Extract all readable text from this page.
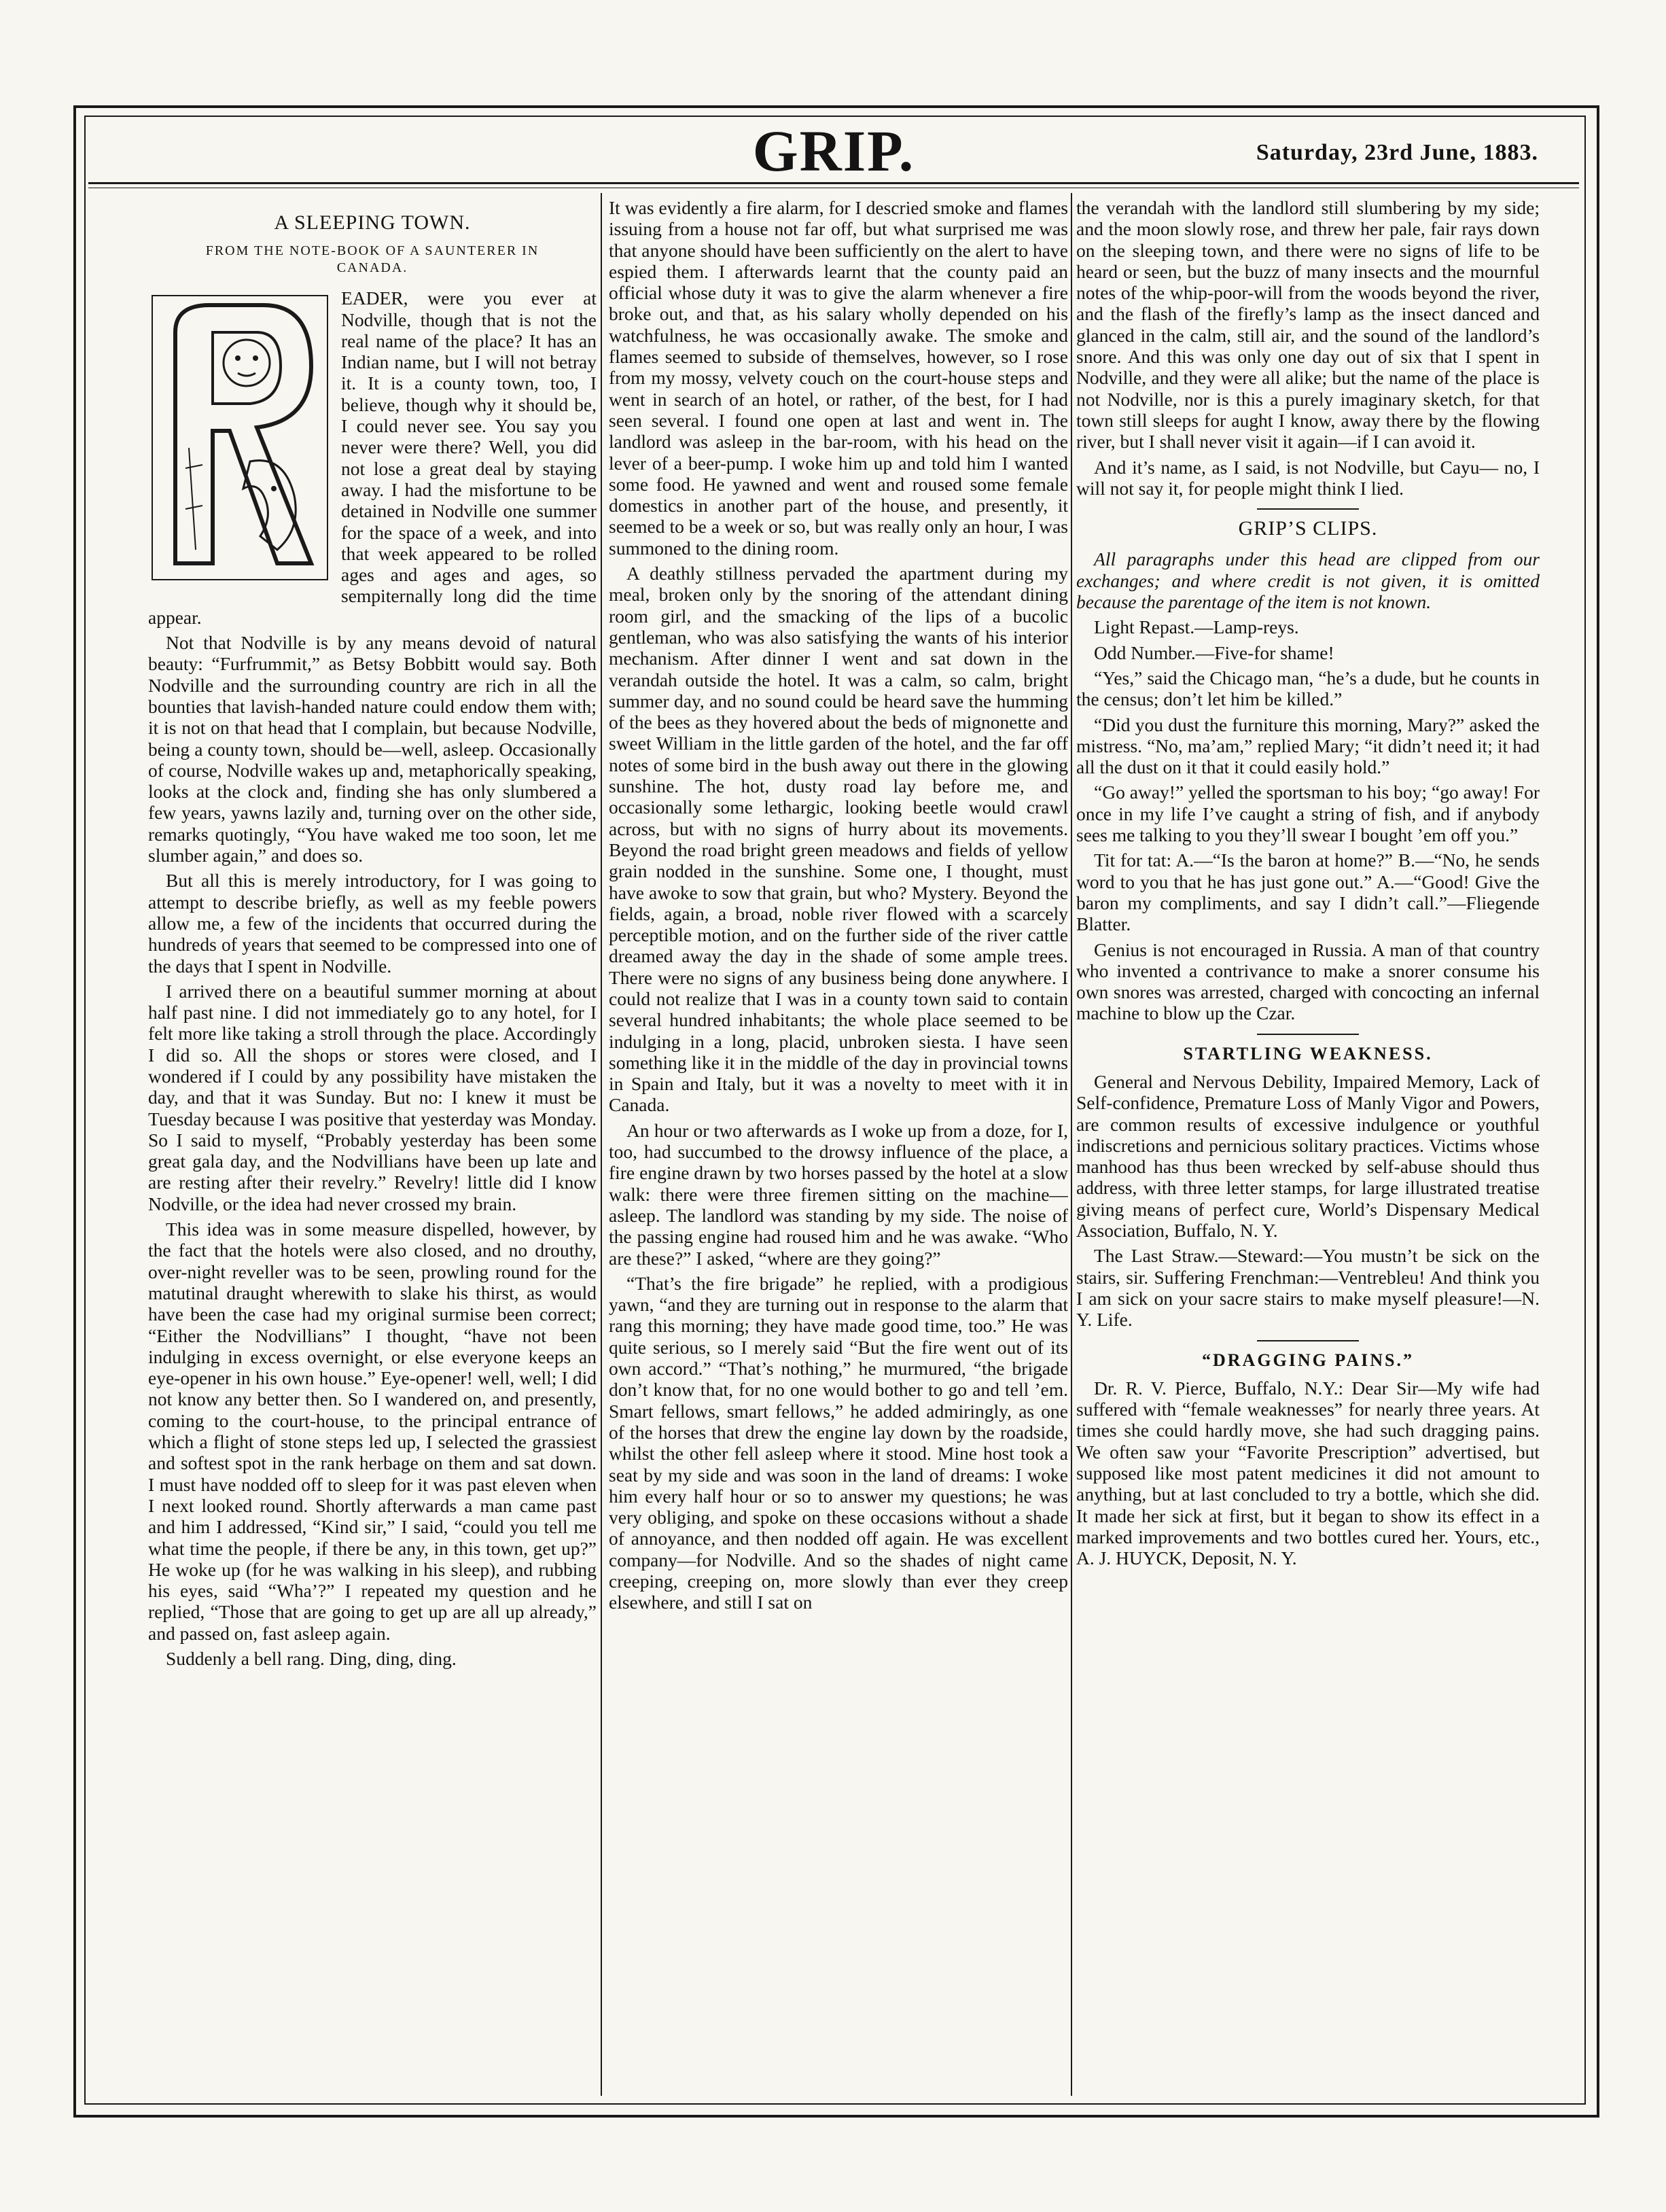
GRIP.	Saturday, 23rd June, 1883.
A SLEEPING TOWN.
FROM THE NOTE-BOOK OF A SAUNTERER IN CANADA.

EADER, were you ever at Nodville, though that is not the real name of the place? It has an Indian name, but I will not betray it. It is a county town, too, I believe, though why it should be, I could never see. You say you never were there? Well, you did not lose a great deal by staying away. I had the misfortune to be detained in Nodville one summer for the space of a week, and into that week appeared to be rolled ages and ages and ages, so sempiternally long did the time appear.

Not that Nodville is by any means devoid of natural beauty: “Furfrummit,” as Betsy Bobbitt would say. Both Nodville and the surrounding country are rich in all the bounties that lavish-handed nature could endow them with; it is not on that head that I complain, but because Nodville, being a county town, should be—well, asleep. Occasionally of course, Nodville wakes up and, metaphorically speaking, looks at the clock and, finding she has only slumbered a few years, yawns lazily and, turning over on the other side, remarks quotingly, “You have waked me too soon, let me slumber again,” and does so.

But all this is merely introductory, for I was going to attempt to describe briefly, as well as my feeble powers allow me, a few of the incidents that occurred during the hundreds of years that seemed to be compressed into one of the days that I spent in Nodville.

I arrived there on a beautiful summer morning at about half past nine. I did not immediately go to any hotel, for I felt more like taking a stroll through the place. Accordingly I did so. All the shops or stores were closed, and I wondered if I could by any possibility have mistaken the day, and that it was Sunday. But no: I knew it must be Tuesday because I was positive that yesterday was Monday. So I said to myself, “Probably yesterday has been some great gala day, and the Nodvillians have been up late and are resting after their revelry.” Revelry! little did I know Nodville, or the idea had never crossed my brain.

This idea was in some measure dispelled, however, by the fact that the hotels were also closed, and no drouthy, over-night reveller was to be seen, prowling round for the matutinal draught wherewith to slake his thirst, as would have been the case had my original surmise been correct; “Either the Nodvillians” I thought, “have not been indulging in excess overnight, or else everyone keeps an eye-opener in his own house.” Eye-opener! well, well; I did not know any better then. So I wandered on, and presently, coming to the court-house, to the principal entrance of which a flight of stone steps led up, I selected the grassiest and softest spot in the rank herbage on them and sat down. I must have nodded off to sleep for it was past eleven when I next looked round. Shortly afterwards a man came past and him I addressed, “Kind sir,” I said, “could you tell me what time the people, if there be any, in this town, get up?” He woke up (for he was walking in his sleep), and rubbing his eyes, said “Wha’?” I repeated my question and he replied, “Those that are going to get up are all up already,” and passed on, fast asleep again.

Suddenly a bell rang. Ding, ding, ding.

It was evidently a fire alarm, for I descried smoke and flames issuing from a house not far off, but what surprised me was that anyone should have been sufficiently on the alert to have espied them. I afterwards learnt that the county paid an official whose duty it was to give the alarm whenever a fire broke out, and that, as his salary wholly depended on his watchfulness, he was occasionally awake. The smoke and flames seemed to subside of themselves, however, so I rose from my mossy, velvety couch on the court-house steps and went in search of an hotel, or rather, of the best, for I had seen several. I found one open at last and went in. The landlord was asleep in the bar-room, with his head on the lever of a beer-pump. I woke him up and told him I wanted some food. He yawned and went and roused some female domestics in another part of the house, and presently, it seemed to be a week or so, but was really only an hour, I was summoned to the dining room.

A deathly stillness pervaded the apartment during my meal, broken only by the snoring of the attendant dining room girl, and the smacking of the lips of a bucolic gentleman, who was also satisfying the wants of his interior mechanism. After dinner I went and sat down in the verandah outside the hotel. It was a calm, so calm, bright summer day, and no sound could be heard save the humming of the bees as they hovered about the beds of mignonette and sweet William in the little garden of the hotel, and the far off notes of some bird in the bush away out there in the glowing sunshine. The hot, dusty road lay before me, and occasionally some lethargic, looking beetle would crawl across, but with no signs of hurry about its movements. Beyond the road bright green meadows and fields of yellow grain nodded in the sunshine. Some one, I thought, must have awoke to sow that grain, but who? Mystery. Beyond the fields, again, a broad, noble river flowed with a scarcely perceptible motion, and on the further side of the river cattle dreamed away the day in the shade of some ample trees. There were no signs of any business being done anywhere. I could not realize that I was in a county town said to contain several hundred inhabitants; the whole place seemed to be indulging in a long, placid, unbroken siesta. I have seen something like it in the middle of the day in provincial towns in Spain and Italy, but it was a novelty to meet with it in Canada.

An hour or two afterwards as I woke up from a doze, for I, too, had succumbed to the drowsy influence of the place, a fire engine drawn by two horses passed by the hotel at a slow walk: there were three firemen sitting on the machine—asleep. The landlord was standing by my side. The noise of the passing engine had roused him and he was awake. “Who are these?” I asked, “where are they going?”

“That’s the fire brigade” he replied, with a prodigious yawn, “and they are turning out in response to the alarm that rang this morning; they have made good time, too.” He was quite serious, so I merely said “But the fire went out of its own accord.” “That’s nothing,” he murmured, “the brigade don’t know that, for no one would bother to go and tell ’em. Smart fellows, smart fellows,” he added admiringly, as one of the horses that drew the engine lay down by the roadside, whilst the other fell asleep where it stood. Mine host took a seat by my side and was soon in the land of dreams: I woke him every half hour or so to answer my questions; he was very obliging, and spoke on these occasions without a shade of annoyance, and then nodded off again. He was excellent company—for Nodville. And so the shades of night came creeping, creeping on, more slowly than ever they creep elsewhere, and still I sat on

the verandah with the landlord still slumbering by my side; and the moon slowly rose, and threw her pale, fair rays down on the sleeping town, and there were no signs of life to be heard or seen, but the buzz of many insects and the mournful notes of the whip-poor-will from the woods beyond the river, and the flash of the firefly’s lamp as the insect danced and glanced in the calm, still air, and the sound of the landlord’s snore. And this was only one day out of six that I spent in Nodville, and they were all alike; but the name of the place is not Nodville, nor is this a purely imaginary sketch, for that town still sleeps for aught I know, away there by the flowing river, but I shall never visit it again—if I can avoid it.

And it’s name, as I said, is not Nodville, but Cayu— no, I will not say it, for people might think I lied.

GRIP’S CLIPS.

All paragraphs under this head are clipped from our exchanges; and where credit is not given, it is omitted because the parentage of the item is not known.

Light Repast.—Lamp-reys.

Odd Number.—Five-for shame!

“Yes,” said the Chicago man, “he’s a dude, but he counts in the census; don’t let him be killed.”

“Did you dust the furniture this morning, Mary?” asked the mistress. “No, ma’am,” replied Mary; “it didn’t need it; it had all the dust on it that it could easily hold.”

“Go away!” yelled the sportsman to his boy; “go away! For once in my life I’ve caught a string of fish, and if anybody sees me talking to you they’ll swear I bought ’em off you.”

Tit for tat: A.—“Is the baron at home?” B.—“No, he sends word to you that he has just gone out.” A.—“Good! Give the baron my compliments, and say I didn’t call.”—Fliegende Blatter.

Genius is not encouraged in Russia. A man of that country who invented a contrivance to make a snorer consume his own snores was arrested, charged with concocting an infernal machine to blow up the Czar.

STARTLING WEAKNESS.

General and Nervous Debility, Impaired Memory, Lack of Self-confidence, Premature Loss of Manly Vigor and Powers, are common results of excessive indulgence or youthful indiscretions and pernicious solitary practices. Victims whose manhood has thus been wrecked by self-abuse should thus address, with three letter stamps, for large illustrated treatise giving means of perfect cure, World’s Dispensary Medical Association, Buffalo, N. Y.

The Last Straw.—Steward:—You mustn’t be sick on the stairs, sir. Suffering Frenchman:—Ventrebleu! And think you I am sick on your sacre stairs to make myself pleasure!—N. Y. Life.

“DRAGGING PAINS.”

Dr. R. V. Pierce, Buffalo, N.Y.: Dear Sir—My wife had suffered with “female weaknesses” for nearly three years. At times she could hardly move, she had such dragging pains. We often saw your “Favorite Prescription” advertised, but supposed like most patent medicines it did not amount to anything, but at last concluded to try a bottle, which she did. It made her sick at first, but it began to show its effect in a marked improvements and two bottles cured her. Yours, etc., A. J. HUYCK, Deposit, N. Y.
